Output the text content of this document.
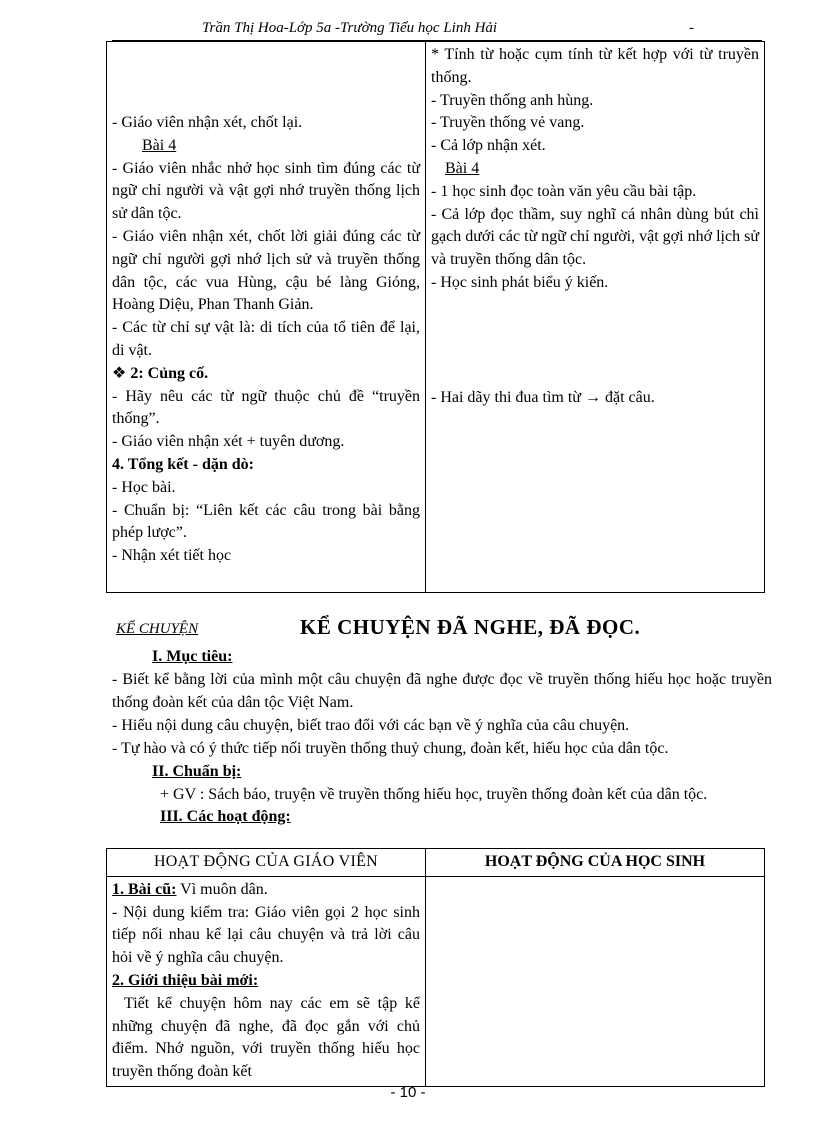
Trần Thị Hoa-Lớp 5a -Trường Tiểu học Linh Hải	-
- Giáo viên nhận xét, chốt lại.
Bài 4
- Giáo viên nhắc nhở học sinh tìm đúng các từ ngữ chỉ người và vật gợi nhớ truyền thống lịch sử dân tộc.
- Giáo viên nhận xét, chốt lời giải đúng các từ ngữ chỉ người gợi nhớ lịch sử và truyền thống dân tộc, các vua Hùng, cậu bé làng Gióng, Hoàng Diệu, Phan Thanh Giản.
- Các từ chỉ sự vật là: di tích của tổ tiên để lại, di vật.
❖ 2: Củng cố.
- Hãy nêu các từ ngữ thuộc chủ đề “truyền thống”.
- Giáo viên nhận xét + tuyên dương.
4. Tổng kết - dặn dò:
- Học bài.
- Chuẩn bị: “Liên kết các câu trong bài bằng phép lược”.
- Nhận xét tiết học

* Tính từ hoặc cụm tính từ kết hợp với từ truyền thống.
- Truyền thống anh hùng.
- Truyền thống vẻ vang.
- Cả lớp nhận xét.
Bài 4
- 1 học sinh đọc toàn văn yêu cầu bài tập.
- Cả lớp đọc thầm, suy nghĩ cá nhân dùng bút chì gạch dưới các từ ngữ chỉ người, vật gợi nhớ lịch sử và truyền thống dân tộc.
- Học sinh phát biểu ý kiến.
- Hai dãy thi đua tìm từ → đặt câu.
KỂ CHUYỆN	KỂ CHUYỆN ĐÃ NGHE, ĐÃ ĐỌC.
I. Mục tiêu:
- Biết kể bằng lời của mình một câu chuyện đã nghe được đọc về truyền thống hiếu học hoặc truyền thống đoàn kết của dân tộc Việt Nam.
- Hiểu nội dung câu chuyện, biết trao đổi với các bạn về ý nghĩa của câu chuyện.
- Tự hào và có ý thức tiếp nối truyền thống thuỷ chung, đoàn kết, hiếu học của dân tộc.
II. Chuẩn bị:
+ GV : Sách báo, truyện về truyền thống hiếu học, truyền thống đoàn kết của dân tộc.
III. Các hoạt động:
HOẠT ĐỘNG CỦA GIÁO VIÊN	HOẠT ĐỘNG CỦA HỌC SINH

1. Bài cũ: Vì muôn dân.
- Nội dung kiểm tra: Giáo viên gọi 2 học sinh tiếp nối nhau kể lại câu chuyện và trả lời câu hỏi về ý nghĩa câu chuyện.
2. Giới thiệu bài mới:
Tiết kể chuyện hôm nay các em sẽ tập kể những chuyện đã nghe, đã đọc gắn với chủ điểm. Nhớ nguồn, với truyền thống hiếu học truyền thống đoàn kết	

- 10 -
